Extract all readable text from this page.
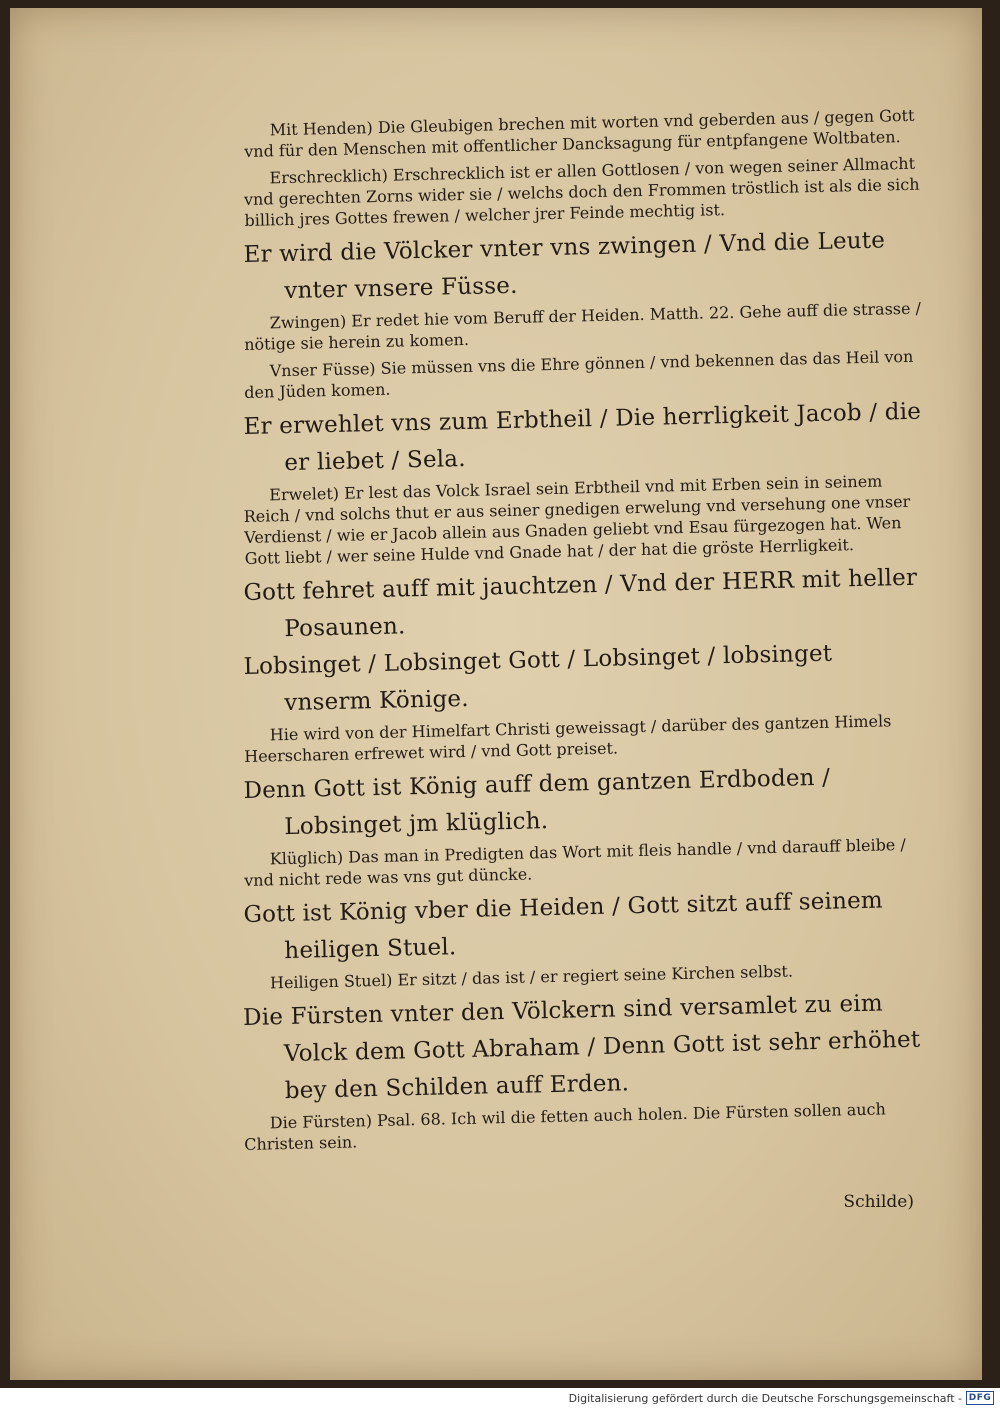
Mit Henden) Die Gleubigen brechen mit worten vnd geberden aus / gegen Gott vnd für den Menschen mit offentlicher Dancksagung für entpfangene Woltbaten.

Erschrecklich) Erschrecklich ist er allen Gottlosen / von wegen seiner Allmacht vnd gerechten Zorns wider sie / welchs doch den Frommen tröstlich ist als die sich billich jres Gottes frewen / welcher jrer Feinde mechtig ist.

Er wird die Völcker vnter vns zwingen / Vnd die Leute vnter vnsere Füsse.

Zwingen) Er redet hie vom Beruff der Heiden. Matth. 22. Gehe auff die strasse / nötige sie herein zu komen.

Vnser Füsse) Sie müssen vns die Ehre gönnen / vnd bekennen das das Heil von den Jüden komen.

Er erwehlet vns zum Erbtheil / Die herrligkeit Jacob / die er liebet / Sela.

Erwelet) Er lest das Volck Israel sein Erbtheil vnd mit Erben sein in seinem Reich / vnd solchs thut er aus seiner gnedigen erwelung vnd versehung one vnser Verdienst / wie er Jacob allein aus Gnaden geliebt vnd Esau fürgezogen hat. Wen Gott liebt / wer seine Hulde vnd Gnade hat / der hat die gröste Herrligkeit.

Gott fehret auff mit jauchtzen / Vnd der HERR mit heller Posaunen.

Lobsinget / Lobsinget Gott / Lobsinget / lobsinget vnserm Könige.

Hie wird von der Himelfart Christi geweissagt / darüber des gantzen Himels Heerscharen erfrewet wird / vnd Gott preiset.

Denn Gott ist König auff dem gantzen Erdboden / Lobsinget jm klüglich.

Klüglich) Das man in Predigten das Wort mit fleis handle / vnd darauff bleibe / vnd nicht rede was vns gut düncke.

Gott ist König vber die Heiden / Gott sitzt auff seinem heiligen Stuel.

Heiligen Stuel) Er sitzt / das ist / er regiert seine Kirchen selbst.

Die Fürsten vnter den Völckern sind versamlet zu eim Volck dem Gott Abraham / Denn Gott ist sehr erhöhet bey den Schilden auff Erden.

Die Fürsten) Psal. 68. Ich wil die fetten auch holen. Die Fürsten sollen auch Christen sein.

Schilde)
Digitalisierung gefördert durch die Deutsche Forschungsgemeinschaft - DFG
